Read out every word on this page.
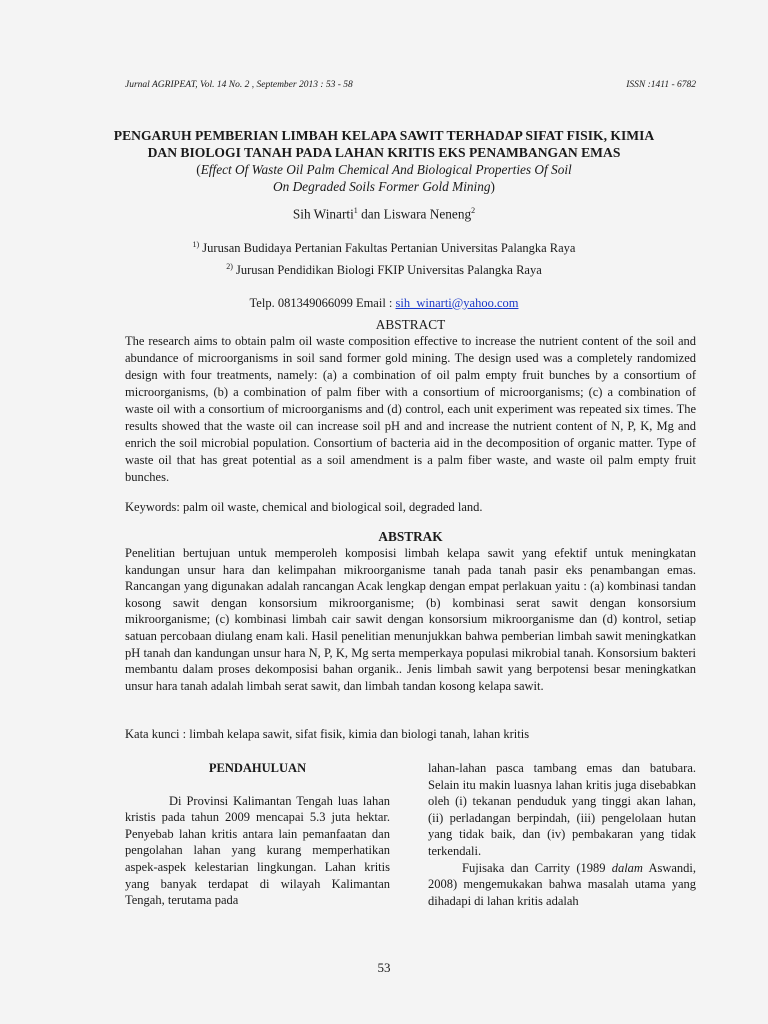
Jurnal AGRIPEAT, Vol. 14 No. 2 , September 2013 : 53 - 58	ISSN :1411 - 6782

PENGARUH PEMBERIAN LIMBAH KELAPA SAWIT TERHADAP SIFAT FISIK, KIMIA
DAN BIOLOGI TANAH PADA LAHAN KRITIS EKS PENAMBANGAN EMAS

(Effect Of Waste Oil Palm Chemical And Biological Properties Of Soil
On Degraded Soils Former Gold Mining)

Sih Winarti$^1$ dan Liswara Neneng$^2$
$^{1)}$ Jurusan Budidaya Pertanian Fakultas Pertanian Universitas Palangka Raya
$^{2)}$ Jurusan Pendidikan Biologi FKIP Universitas Palangka Raya
Telp. 081349066099 Email : sih_winarti@yahoo.com
ABSTRACT

The research aims to obtain palm oil waste composition effective to increase the nutrient content of the soil and abundance of microorganisms in soil sand former gold mining. The design used was a completely randomized design with four treatments, namely: (a) a combination of oil palm empty fruit bunches by a consortium of microorganisms, (b) a combination of palm fiber with a consortium of microorganisms; (c) a combination of waste oil with a consortium of microorganisms and (d) control, each unit experiment was repeated six times. The results showed that the waste oil can increase soil pH and and increase the nutrient content of N, P, K, Mg and enrich the soil microbial population. Consortium of bacteria aid in the decomposition of organic matter. Type of waste oil that has great potential as a soil amendment is a palm fiber waste, and waste oil palm empty fruit bunches.

Keywords: palm oil waste, chemical and biological soil, degraded land.

ABSTRAK

Penelitian bertujuan untuk memperoleh komposisi limbah kelapa sawit yang efektif untuk meningkatan kandungan unsur hara dan kelimpahan mikroorganisme tanah pada tanah pasir eks penambangan emas. Rancangan yang digunakan adalah rancangan Acak lengkap dengan empat perlakuan yaitu : (a) kombinasi tandan kosong sawit dengan konsorsium mikroorganisme; (b) kombinasi serat sawit dengan konsorsium mikroorganisme; (c) kombinasi limbah cair sawit dengan konsorsium mikroorganisme dan (d) kontrol, setiap satuan percobaan diulang enam kali. Hasil penelitian menunjukkan bahwa pemberian limbah sawit meningkatkan pH tanah dan kandungan unsur hara N, P, K, Mg serta memperkaya populasi mikrobial tanah. Konsorsium bakteri membantu dalam proses dekomposisi bahan organik.. Jenis limbah sawit yang berpotensi besar meningkatkan unsur hara tanah adalah limbah serat sawit, dan limbah tandan kosong kelapa sawit.

Kata kunci : limbah kelapa sawit, sifat fisik, kimia dan biologi tanah, lahan kritis

PENDAHULUAN

Di Provinsi Kalimantan Tengah luas lahan kristis pada tahun 2009 mencapai 5.3 juta hektar. Penyebab lahan kritis antara lain pemanfaatan dan pengolahan lahan yang kurang memperhatikan aspek-aspek kelestarian lingkungan. Lahan kritis yang banyak terdapat di wilayah Kalimantan Tengah, terutama pada

lahan-lahan pasca tambang emas dan batubara. Selain itu makin luasnya lahan kritis juga disebabkan oleh (i) tekanan penduduk yang tinggi akan lahan, (ii) perladangan berpindah, (iii) pengelolaan hutan yang tidak baik, dan (iv) pembakaran yang tidak terkendali.

Fujisaka dan Carrity (1989 dalam Aswandi, 2008) mengemukakan bahwa masalah utama yang dihadapi di lahan kritis adalah

53
